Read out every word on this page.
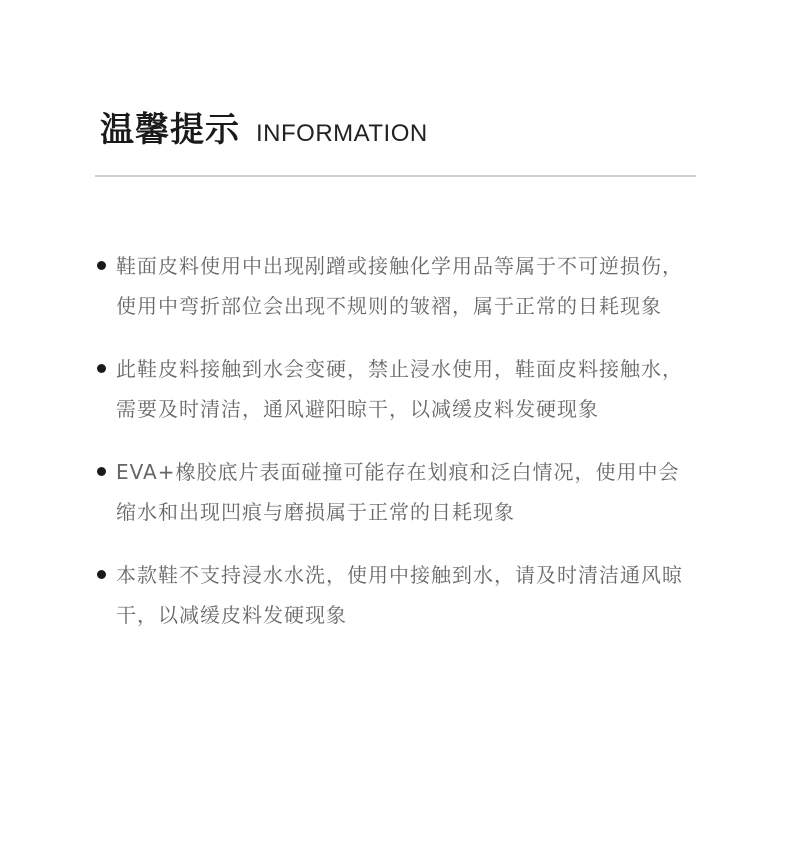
温馨提示 INFORMATION
鞋面皮料使用中出现剐蹭或接触化学用品等属于不可逆损伤，使用中弯折部位会出现不规则的皱褶，属于正常的日耗现象
此鞋皮料接触到水会变硬，禁止浸水使用，鞋面皮料接触水，需要及时清洁，通风避阳晾干，以减缓皮料发硬现象
EVA+橡胶底片表面碰撞可能存在划痕和泛白情况，使用中会缩水和出现凹痕与磨损属于正常的日耗现象
本款鞋不支持浸水水洗，使用中接触到水，请及时清洁通风晾干，以减缓皮料发硬现象
